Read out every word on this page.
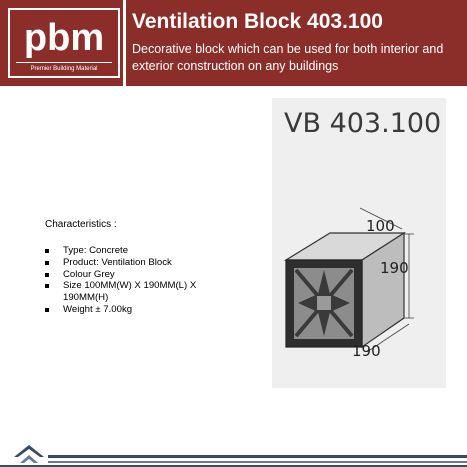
pbm
Premier Building Material
Ventilation Block 403.100
Decorative block which can be used for both interior and exterior construction on any buildings
Characteristics :
Type: Concrete
Product: Ventilation Block
Colour Grey
Size 100MM(W) X 190MM(L) X 190MM(H)
Weight ± 7.00kg
VB 403.100
100
190
190
